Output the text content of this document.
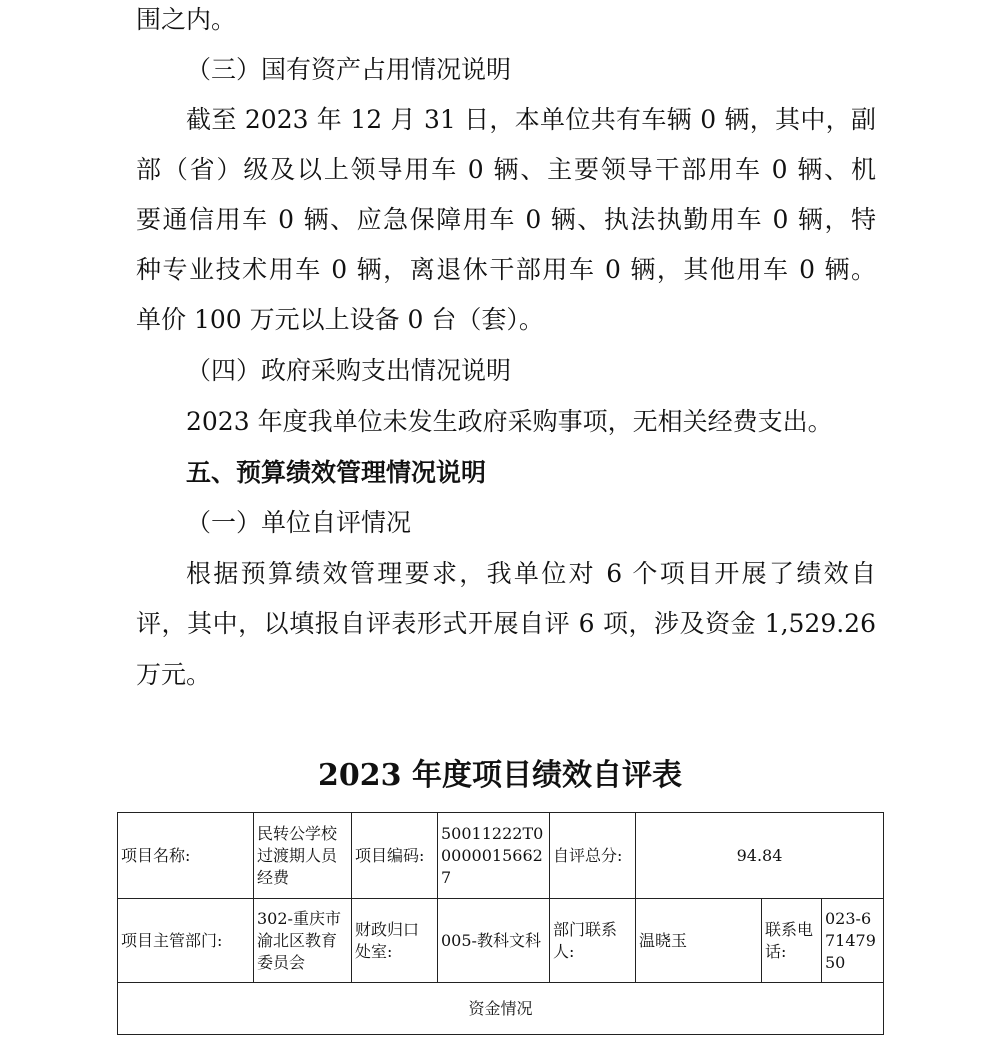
围之内。
（三）国有资产占用情况说明
截至 2023 年 12 月 31 日，本单位共有车辆 0 辆，其中，副
部（省）级及以上领导用车 0 辆、主要领导干部用车 0 辆、机
要通信用车 0 辆、应急保障用车 0 辆、执法执勤用车 0 辆，特
种专业技术用车 0 辆，离退休干部用车 0 辆，其他用车 0 辆。
单价 100 万元以上设备 0 台（套）。
（四）政府采购支出情况说明
2023 年度我单位未发生政府采购事项，无相关经费支出。
五、预算绩效管理情况说明
（一）单位自评情况
根据预算绩效管理要求，我单位对 6 个项目开展了绩效自
评，其中，以填报自评表形式开展自评 6 项，涉及资金 1,529.26
万元。
2023 年度项目绩效自评表
项目名称:	民转公学校过渡期人员经费	项目编码:	50011222T000000156627	自评总分:	94.84		
项目主管部门:	302-重庆市渝北区教育委员会	财政归口处室:	005-教科文科	部门联系人:	温晓玉	联系电话:	023-67147950
资金情况							
